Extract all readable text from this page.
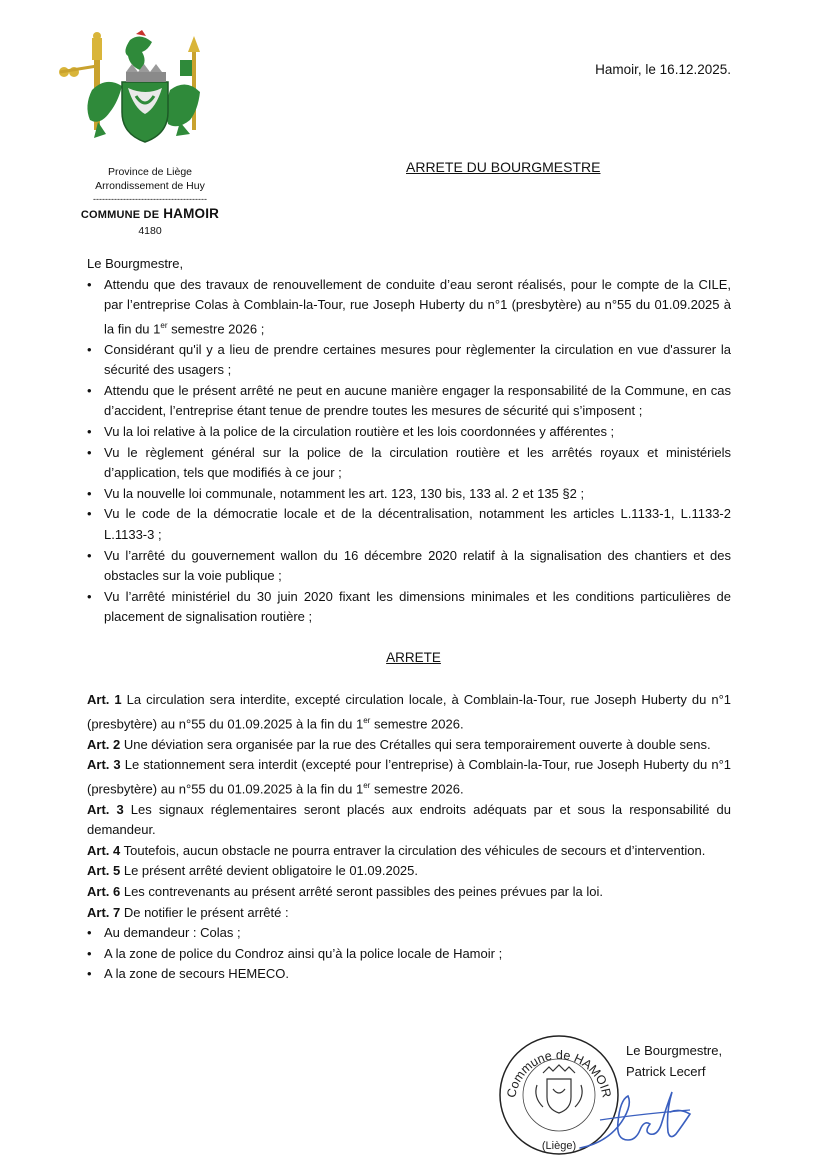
Province de Liège
Arrondissement de Huy
--------------------------------------
COMMUNE DE HAMOIR
4180
Hamoir, le 16.12.2025.
ARRETE DU BOURGMESTRE
Le Bourgmestre,
• Attendu que des travaux de renouvellement de conduite d’eau seront réalisés, pour le compte de la CILE, par l’entreprise Colas à Comblain-la-Tour, rue Joseph Huberty du n°1 (presbytère) au n°55 du 01.09.2025 à la fin du 1er semestre 2026 ;
• Considérant qu'il y a lieu de prendre certaines mesures pour règlementer la circulation en vue d'assurer la sécurité des usagers ;
• Attendu que le présent arrêté ne peut en aucune manière engager la responsabilité de la Commune, en cas d’accident, l’entreprise étant tenue de prendre toutes les mesures de sécurité qui s’imposent ;
• Vu la loi relative à la police de la circulation routière et les lois coordonnées y afférentes ;
• Vu le règlement général sur la police de la circulation routière et les arrêtés royaux et ministériels d’application, tels que modifiés à ce jour ;
• Vu la nouvelle loi communale, notamment les art. 123, 130 bis, 133 al. 2 et 135 §2 ;
• Vu le code de la démocratie locale et de la décentralisation, notamment les articles L.1133-1, L.1133-2 L.1133-3 ;
• Vu l’arrêté du gouvernement wallon du 16 décembre 2020 relatif à la signalisation des chantiers et des obstacles sur la voie publique ;
• Vu l’arrêté ministériel du 30 juin 2020 fixant les dimensions minimales et les conditions particulières de placement de signalisation routière ;
ARRETE

Art. 1 La circulation sera interdite, excepté circulation locale, à Comblain-la-Tour, rue Joseph Huberty du n°1 (presbytère) au n°55 du 01.09.2025 à la fin du 1er semestre 2026.

Art. 2 Une déviation sera organisée par la rue des Crétalles qui sera temporairement ouverte à double sens.

Art. 3 Le stationnement sera interdit (excepté pour l’entreprise) à Comblain-la-Tour, rue Joseph Huberty du n°1 (presbytère) au n°55 du 01.09.2025 à la fin du 1er semestre 2026.

Art. 3 Les signaux réglementaires seront placés aux endroits adéquats par et sous la responsabilité du demandeur.

Art. 4 Toutefois, aucun obstacle ne pourra entraver la circulation des véhicules de secours et d’intervention.

Art. 5 Le présent arrêté devient obligatoire le 01.09.2025.

Art. 6 Les contrevenants au présent arrêté seront passibles des peines prévues par la loi.

Art. 7 De notifier le présent arrêté :

• Au demandeur : Colas ;
• A la zone de police du Condroz ainsi qu’à la police locale de Hamoir ;
• A la zone de secours HEMECO.
Commune de HAMOIR
(Liège)
Le Bourgmestre,
Patrick Lecerf
